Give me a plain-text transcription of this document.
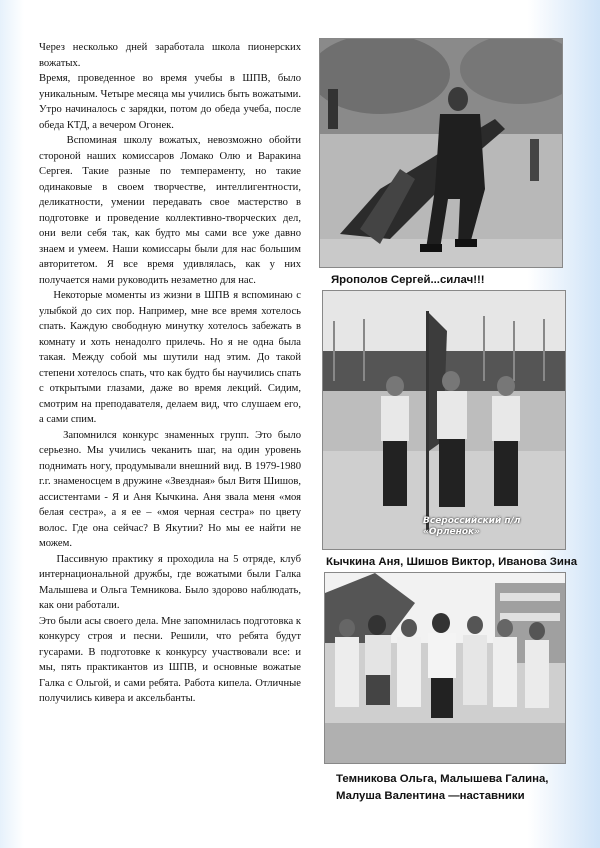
Через несколько дней заработала школа пионерских вожатых.

Время, проведенное во время учебы в ШПВ, было уникальным. Четыре месяца мы учились быть вожатыми. Утро начиналось с зарядки, потом до обеда учеба, после обеда КТД, а вечером Огонек.

Вспоминая школу вожатых, невозможно обойти стороной наших комиссаров Ломако Олю и Варакина Сергея. Такие разные по темпераменту, но такие одинаковые в своем творчестве, интеллигентности, деликатности, умении передавать свое мастерство в подготовке и проведение коллективно-творческих дел, они вели себя так, как будто мы сами все уже давно знаем и умеем. Наши комиссары были для нас большим авторитетом. Я все время удивлялась, как у них получается нами руководить незаметно для нас.

Некоторые моменты из жизни в ШПВ я вспоминаю с улыбкой до сих пор. Например, мне все время хотелось спать. Каждую свободную минутку хотелось забежать в комнату и хоть ненадолго прилечь. Но я не одна была такая. Между собой мы шутили над этим. До такой степени хотелось спать, что как будто бы научились спать с открытыми глазами, даже во время лекций. Сидим, смотрим на преподавателя, делаем вид, что слушаем его, а сами спим.

Запомнился конкурс знаменных групп. Это было серьезно. Мы учились чеканить шаг, на один уровень поднимать ногу, продумывали внешний вид. В 1979-1980 г.г. знаменосцем в дружине «Звездная» был Витя Шишов, ассистентами - Я и Аня Кычкина. Аня звала меня «моя белая сестра», а я ее – «моя черная сестра» по цвету волос. Где она сейчас? В Якутии? Но мы ее найти не можем.

Пассивную практику я проходила на 5 отряде, клуб интернациональной дружбы, где вожатыми были Галка Малышева и Ольга Темникова. Было здорово наблюдать, как они работали.

Это были асы своего дела. Мне запомнилась подготовка к конкурсу строя и песни. Решили, что ребята будут гусарами. В подготовке к конкурсу участвовали все: и мы, пять практикантов из ШПВ, и основные вожатые Галка с Ольгой, и сами ребята. Работа кипела. Отличные получились кивера и аксельбанты.

Ярополов Сергей...силач!!!
Всероссийский п/л «Орленок»
Кычкина Аня, Шишов Виктор, Иванова Зина
Темникова Ольга, Малышева Галина,
Малуша Валентина —наставники
